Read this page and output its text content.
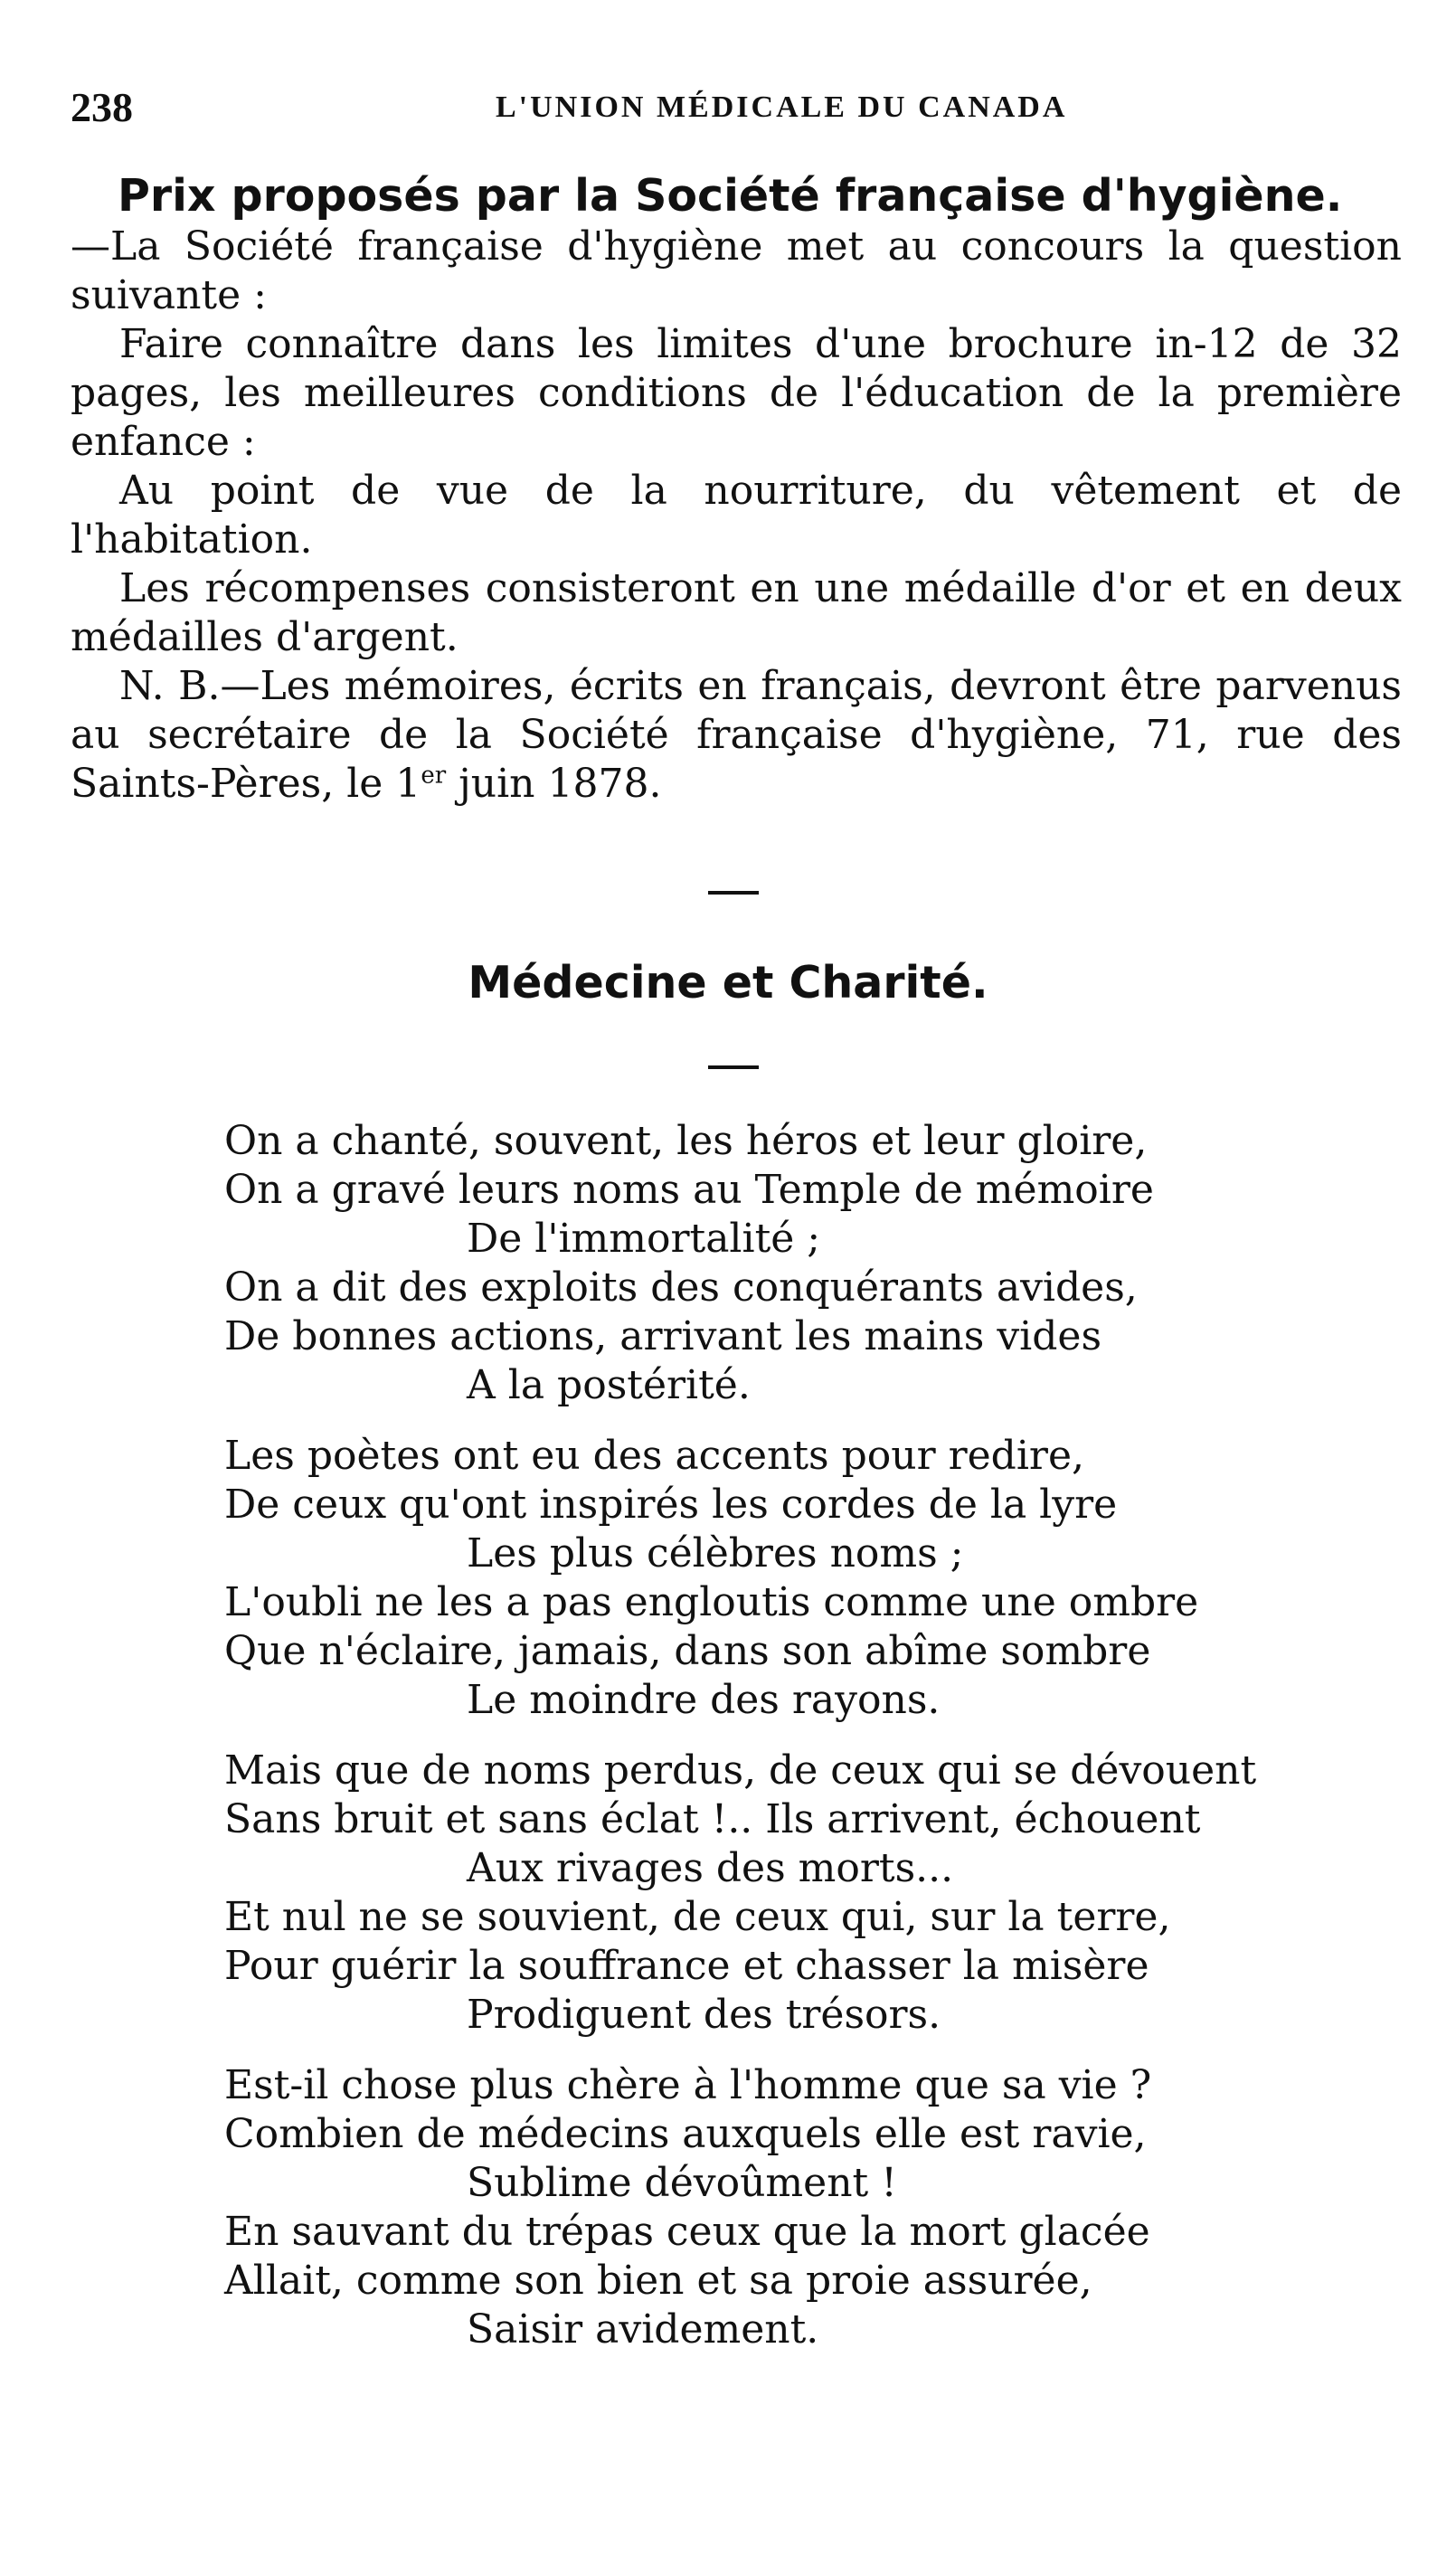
238	L'UNION MÉDICALE DU CANADA
Prix proposés par la Société française d'hygiène.

—La Société française d'hygiène met au concours la question suivante :

Faire connaître dans les limites d'une brochure in-12 de 32 pages, les meilleures conditions de l'éducation de la première enfance :

Au point de vue de la nourriture, du vêtement et de l'habitation.

Les récompenses consisteront en une médaille d'or et en deux médailles d'argent.

N. B.—Les mémoires, écrits en français, devront être parvenus au secrétaire de la Société française d'hygiène, 71, rue des Saints-Pères, le 1er juin 1878.

Médecine et Charité.
On a chanté, souvent, les héros et leur gloire,
On a gravé leurs noms au Temple de mémoire
De l'immortalité ;
On a dit des exploits des conquérants avides,
De bonnes actions, arrivant les mains vides
A la postérité.
Les poètes ont eu des accents pour redire,
De ceux qu'ont inspirés les cordes de la lyre
Les plus célèbres noms ;
L'oubli ne les a pas engloutis comme une ombre
Que n'éclaire, jamais, dans son abîme sombre
Le moindre des rayons.
Mais que de noms perdus, de ceux qui se dévouent
Sans bruit et sans éclat !.. Ils arrivent, échouent
Aux rivages des morts...
Et nul ne se souvient, de ceux qui, sur la terre,
Pour guérir la souffrance et chasser la misère
Prodiguent des trésors.
Est-il chose plus chère à l'homme que sa vie ?
Combien de médecins auxquels elle est ravie,
Sublime dévoûment !
En sauvant du trépas ceux que la mort glacée
Allait, comme son bien et sa proie assurée,
Saisir avidement.
